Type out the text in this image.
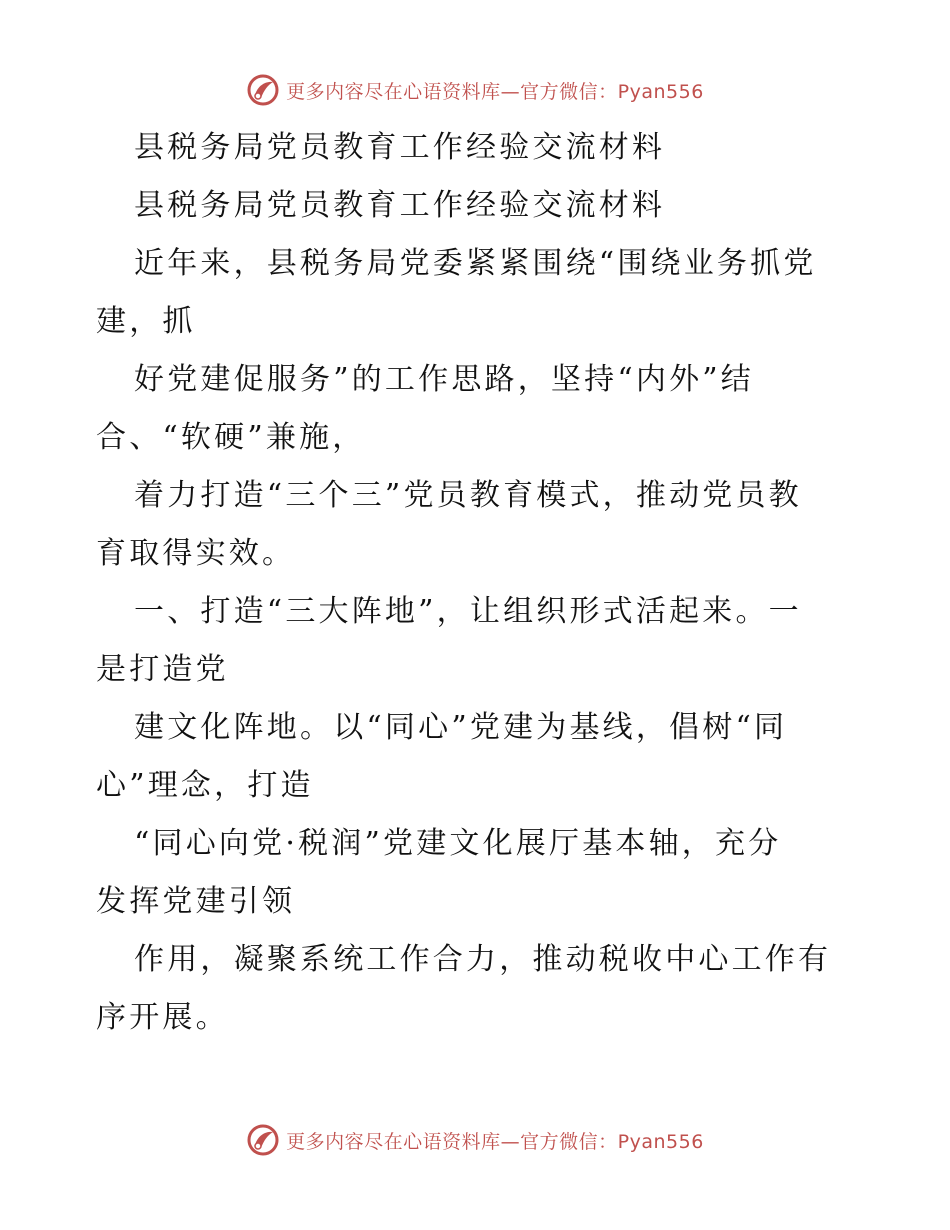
更多内容尽在心语资料库—官方微信：Pyan556
县税务局党员教育工作经验交流材料
县税务局党员教育工作经验交流材料
近年来，县税务局党委紧紧围绕“围绕业务抓党
建，抓
好党建促服务”的工作思路，坚持“内外”结
合、“软硬”兼施，
着力打造“三个三”党员教育模式，推动党员教
育取得实效。
一、打造“三大阵地”，让组织形式活起来。一
是打造党
建文化阵地。以“同心”党建为基线，倡树“同
心”理念，打造
“同心向党·税润”党建文化展厅基本轴，充分
发挥党建引领
作用，凝聚系统工作合力，推动税收中心工作有
序开展。
更多内容尽在心语资料库—官方微信：Pyan556
